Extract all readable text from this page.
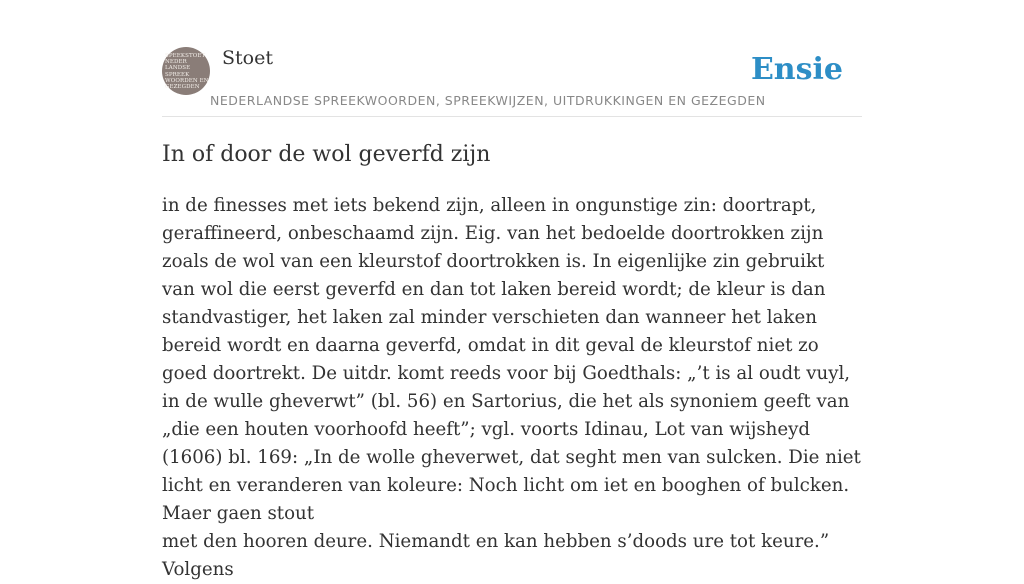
SPEEKSTOET
NEDER
LANDSE
SPREEK
WOORDEN EN
GEZEGDEN
Stoet
NEDERLANDSE SPREEKWOORDEN, SPREEKWIJZEN, UITDRUKKINGEN EN GEZEGDEN
Ensie
In of door de wol geverfd zijn

in de finesses met iets bekend zijn, alleen in ongunstige zin: doortrapt, geraffineerd, onbeschaamd zijn. Eig. van het bedoelde doortrokken zijn zoals de wol van een kleurstof doortrokken is. In eigenlijke zin gebruikt van wol die eerst geverfd en dan tot laken bereid wordt; de kleur is dan standvastiger, het laken zal minder verschieten dan wanneer het laken bereid wordt en daarna geverfd, omdat in dit geval de kleurstof niet zo goed doortrekt. De uitdr. komt reeds voor bij Goedthals: „’t is al oudt vuyl, in de wulle gheverwt” (bl. 56) en Sartorius, die het als synoniem geeft van „die een houten voorhoofd heeft”; vgl. voorts Idinau, Lot van wijsheyd (1606) bl. 169: „In de wolle gheverwet, dat seght men van sulcken. Die niet licht en veranderen van koleure: Noch licht om iet en booghen of bulcken. Maer gaen stout

met den hooren deure. Niemandt en kan hebben s’doods ure tot keure.” Volgens
